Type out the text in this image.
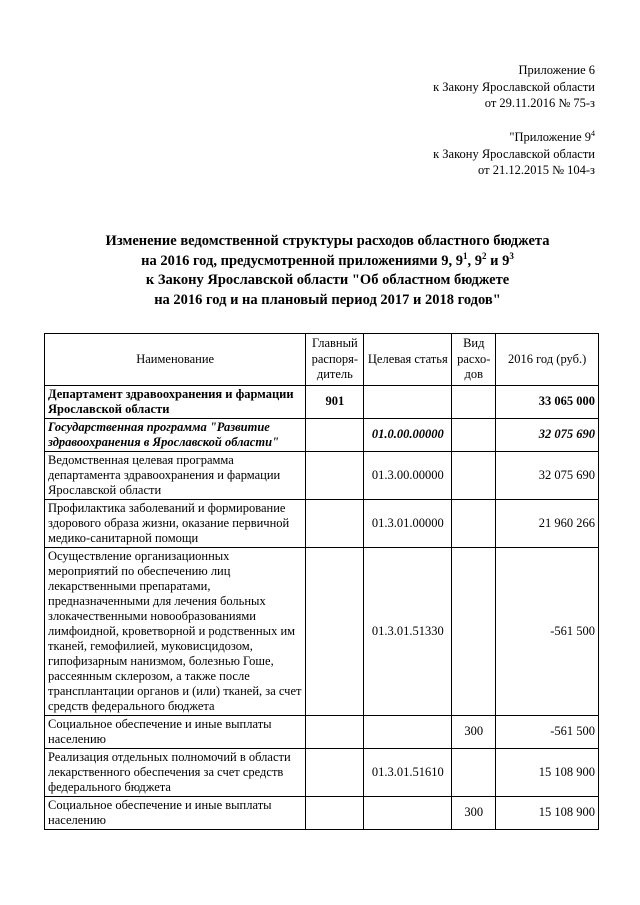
Приложение 6
к Закону Ярославской области
от 29.11.2016 № 75-з
"Приложение $9^4$
к Закону Ярославской области
от 21.12.2015 № 104-з
Изменение ведомственной структуры расходов областного бюджета
на 2016 год, предусмотренной приложениями 9, $9^1$, $9^2$ и $9^3$
к Закону Ярославской области "Об областном бюджете
на 2016 год и на плановый период 2017 и 2018 годов"
Наименование	Главный распоря- дитель	Целевая статья	Вид расхо- дов	2016 год (руб.)
Департамент здравоохранения и фармации Ярославской области	901			33 065 000
Государственная программа "Развитие здравоохранения в Ярославской области"		01.0.00.00000		32 075 690
Ведомственная целевая программа департамента здравоохранения и фармации Ярославской области		01.3.00.00000		32 075 690
Профилактика заболеваний и формирование здорового образа жизни, оказание первичной медико-санитарной помощи		01.3.01.00000		21 960 266
Осуществление организационных мероприятий по обеспечению лиц лекарственными препаратами, предназначенными для лечения больных злокачественными новообразованиями лимфоидной, кроветворной и родственных им тканей, гемофилией, муковисцидозом, гипофизарным нанизмом, болезнью Гоше, рассеянным склерозом, а также после трансплантации органов и (или) тканей, за счет средств федерального бюджета		01.3.01.51330		-561 500
Социальное обеспечение и иные выплаты населению			300	-561 500
Реализация отдельных полномочий в области лекарственного обеспечения за счет средств федерального бюджета		01.3.01.51610		15 108 900
Социальное обеспечение и иные выплаты населению			300	15 108 900
